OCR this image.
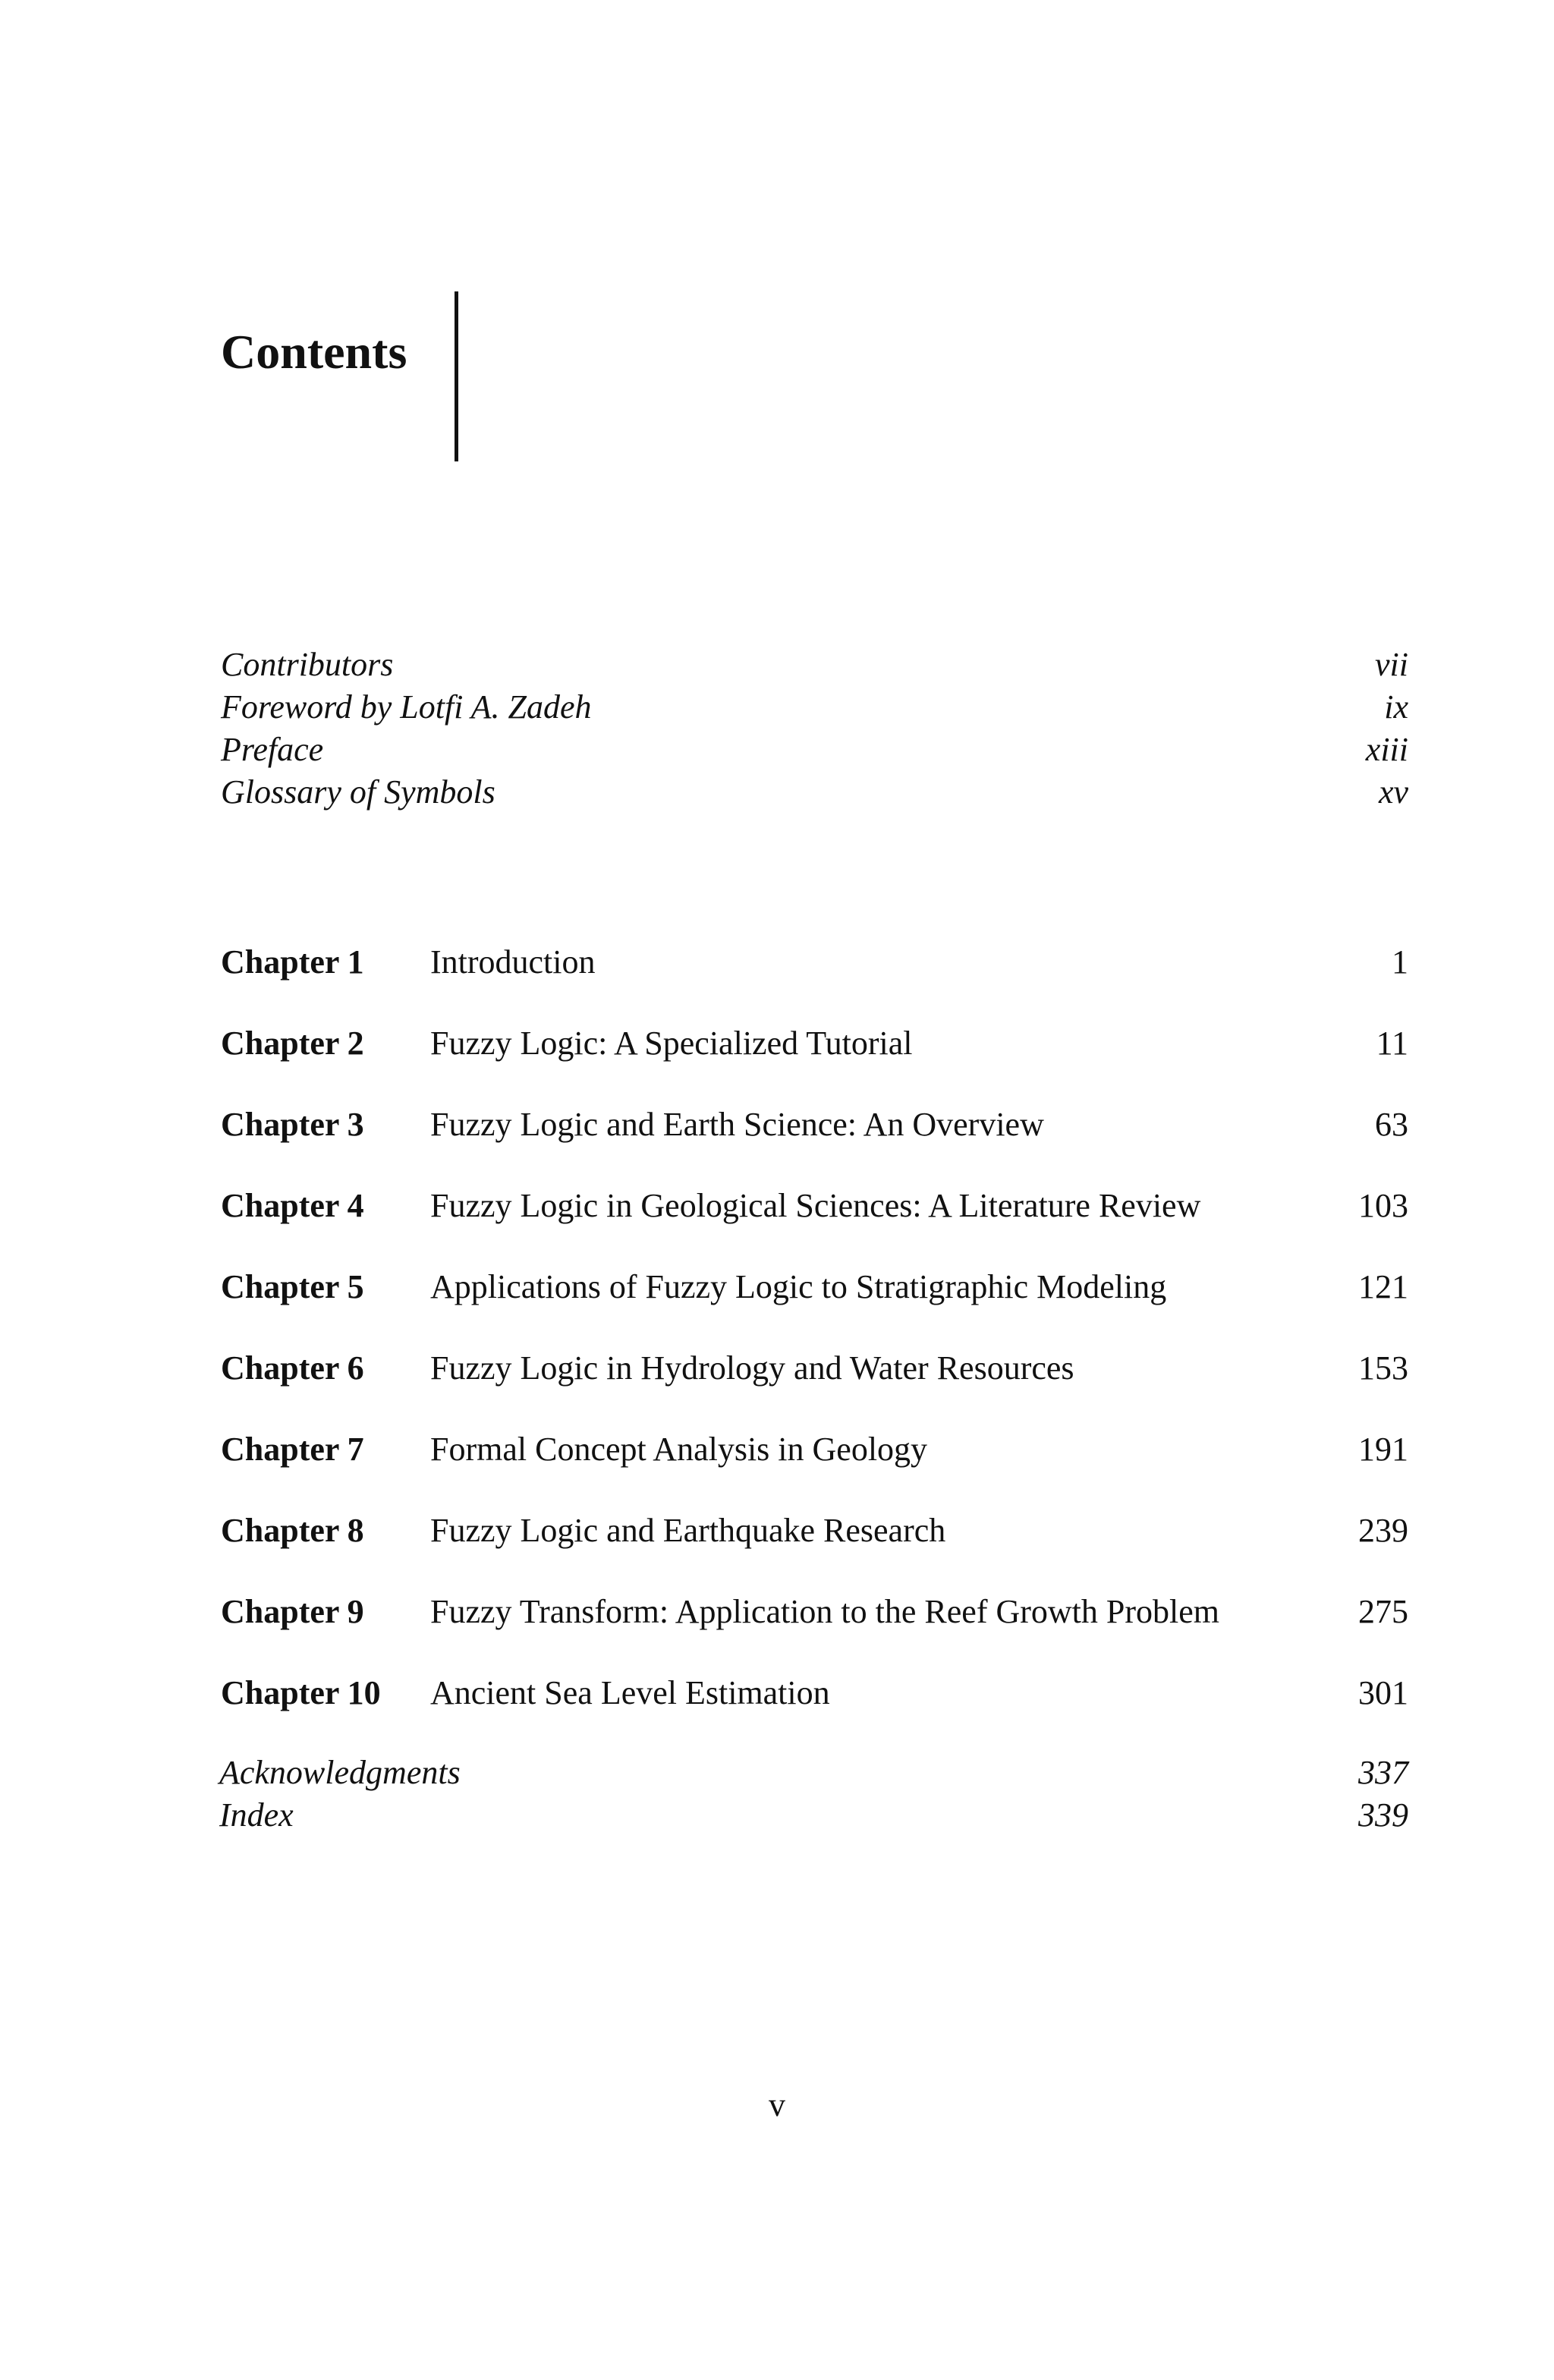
Contents
Contributors	vii
Foreword by Lotfi A. Zadeh	ix
Preface	xiii
Glossary of Symbols	xv
Chapter 1	Introduction	1
Chapter 2	Fuzzy Logic: A Specialized Tutorial	11
Chapter 3	Fuzzy Logic and Earth Science: An Overview	63
Chapter 4	Fuzzy Logic in Geological Sciences: A Literature Review	103
Chapter 5	Applications of Fuzzy Logic to Stratigraphic Modeling	121
Chapter 6	Fuzzy Logic in Hydrology and Water Resources	153
Chapter 7	Formal Concept Analysis in Geology	191
Chapter 8	Fuzzy Logic and Earthquake Research	239
Chapter 9	Fuzzy Transform: Application to the Reef Growth Problem	275
Chapter 10	Ancient Sea Level Estimation	301
Acknowledgments	337
Index	339
v
